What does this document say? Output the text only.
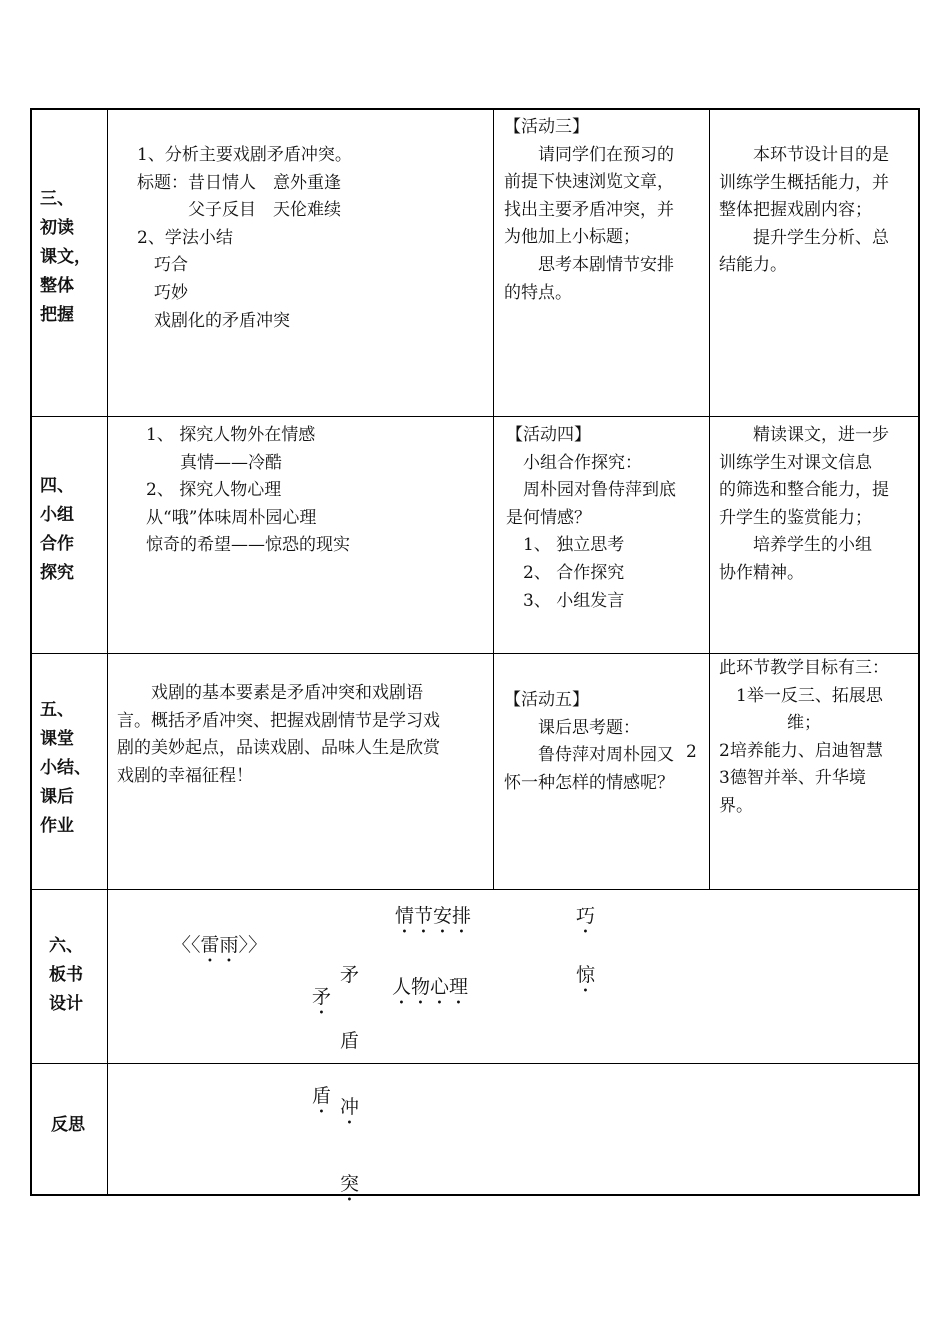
三、
初读
课文，
整体
把握
1、分析主要戏剧矛盾冲突。
标题：昔日情人　意外重逢
　　　父子反目　天伦难续
2、学法小结
　巧合
　巧妙
　戏剧化的矛盾冲突
【活动三】
　　请同学们在预习的
前提下快速浏览文章，
找出主要矛盾冲突，并
为他加上小标题；
　　思考本剧情节安排
的特点。
　　本环节设计目的是
训练学生概括能力，并
整体把握戏剧内容；
　　提升学生分析、总
结能力。
四、
小组
合作
探究
1、 探究人物外在情感
　　真情——冷酷
2、 探究人物心理
从“哦”体味周朴园心理
惊奇的希望——惊恐的现实
【活动四】
　小组合作探究：
　周朴园对鲁侍萍到底
是何情感？
　1、 独立思考
　2、 合作探究
　3、 小组发言
　　精读课文，进一步
训练学生对课文信息
的筛选和整合能力，提
升学生的鉴赏能力；
　　培养学生的小组
协作精神。
五、
课堂
小结、
课后
作业
　　戏剧的基本要素是矛盾冲突和戏剧语
言。概括矛盾冲突、把握戏剧情节是学习戏
剧的美妙起点，品读戏剧、品味人生是欣赏
戏剧的幸福征程！
【活动五】
　　课后思考题：
　　鲁侍萍对周朴园又
怀一种怎样的情感呢？
此环节教学目标有三：
　1举一反三、拓展思
　　　　维；
2培养能力、启迪智慧
3德智并举、升华境
界。
2
六、
板书
设计
〈〈雷雨〉〉

矛

盾

矛

盾

冲

突

情节安排
人物心理
巧
惊
反思
